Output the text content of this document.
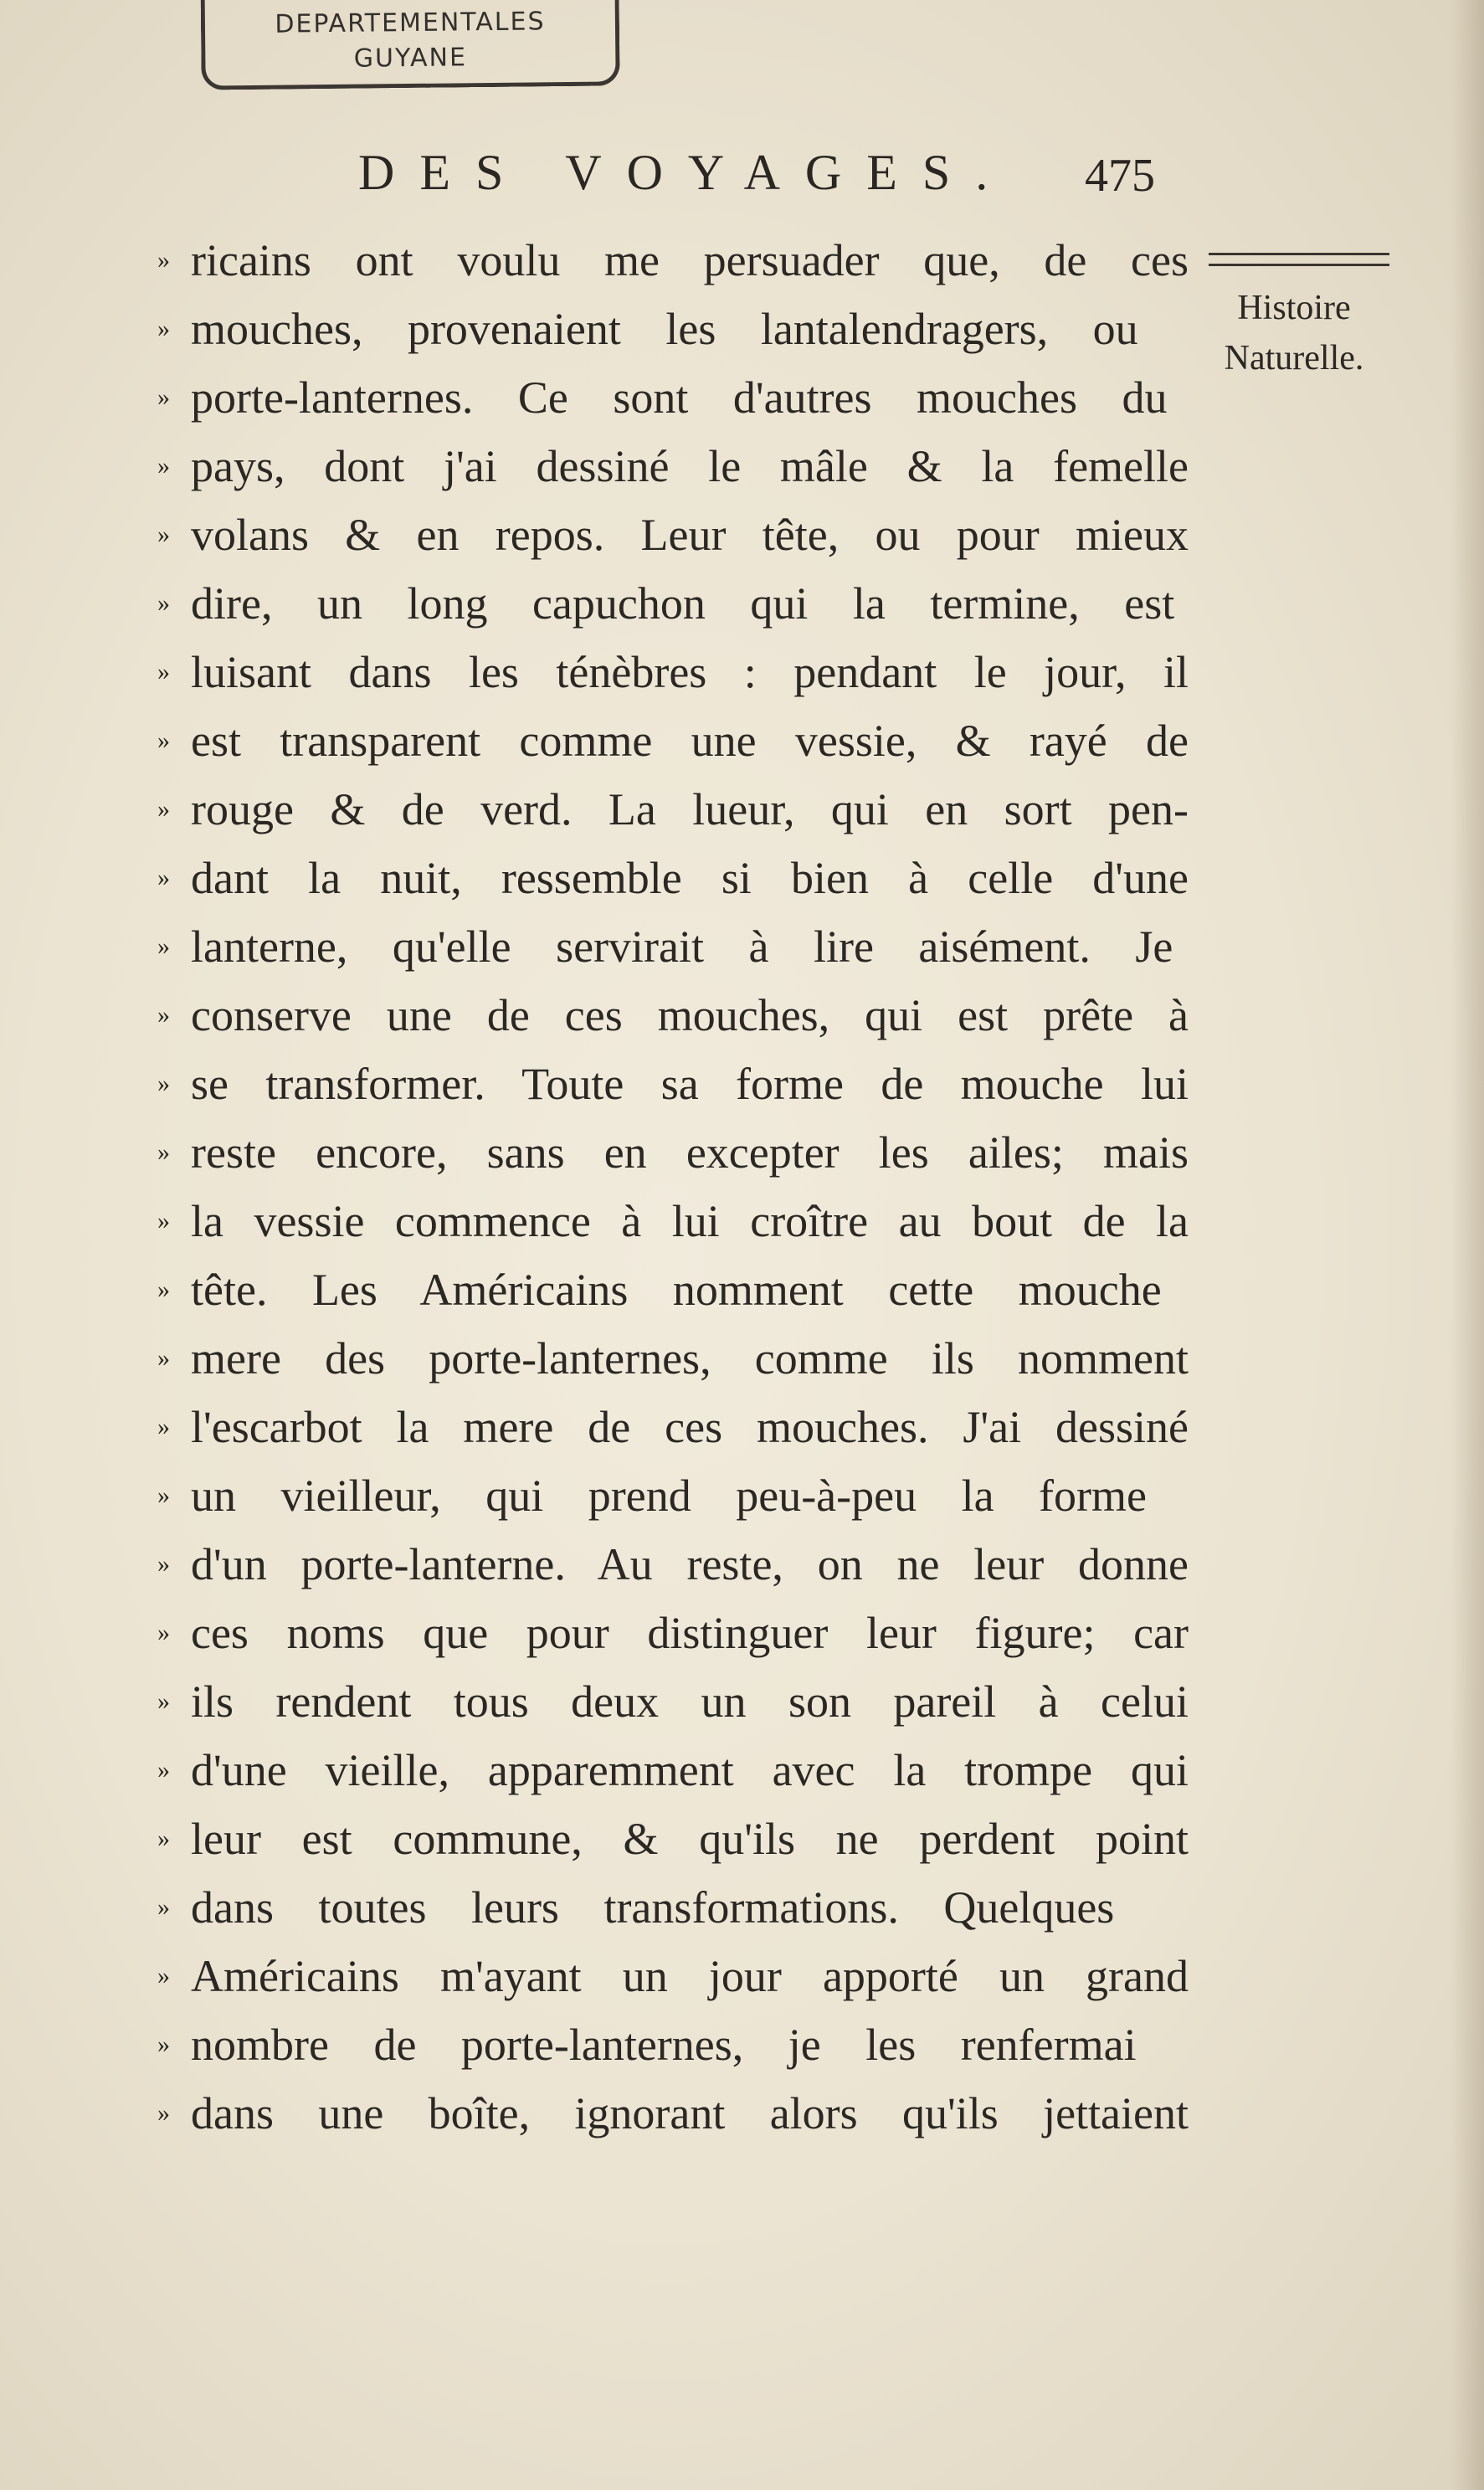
DEPARTEMENTALES
GUYANE
DES VOYAGES. 475
Histoire
Naturelle.
» ricains ont voulu me persuader que, de ces
» mouches, provenaient les lantalendragers, ou
» porte-lanternes. Ce sont d'autres mouches du
» pays, dont j'ai dessiné le mâle & la femelle
» volans & en repos. Leur tête, ou pour mieux
» dire, un long capuchon qui la termine, est
» luisant dans les ténèbres : pendant le jour, il
» est transparent comme une vessie, & rayé de
» rouge & de verd. La lueur, qui en sort pen-
» dant la nuit, ressemble si bien à celle d'une
» lanterne, qu'elle servirait à lire aisément. Je
» conserve une de ces mouches, qui est prête à
» se transformer. Toute sa forme de mouche lui
» reste encore, sans en excepter les ailes; mais
» la vessie commence à lui croître au bout de la
» tête. Les Américains nomment cette mouche
» mere des porte-lanternes, comme ils nomment
» l'escarbot la mere de ces mouches. J'ai dessiné
» un vieilleur, qui prend peu-à-peu la forme
» d'un porte-lanterne. Au reste, on ne leur donne
» ces noms que pour distinguer leur figure; car
» ils rendent tous deux un son pareil à celui
» d'une vieille, apparemment avec la trompe qui
» leur est commune, & qu'ils ne perdent point
» dans toutes leurs transformations. Quelques
» Américains m'ayant un jour apporté un grand
» nombre de porte-lanternes, je les renfermai
» dans une boîte, ignorant alors qu'ils jettaient
